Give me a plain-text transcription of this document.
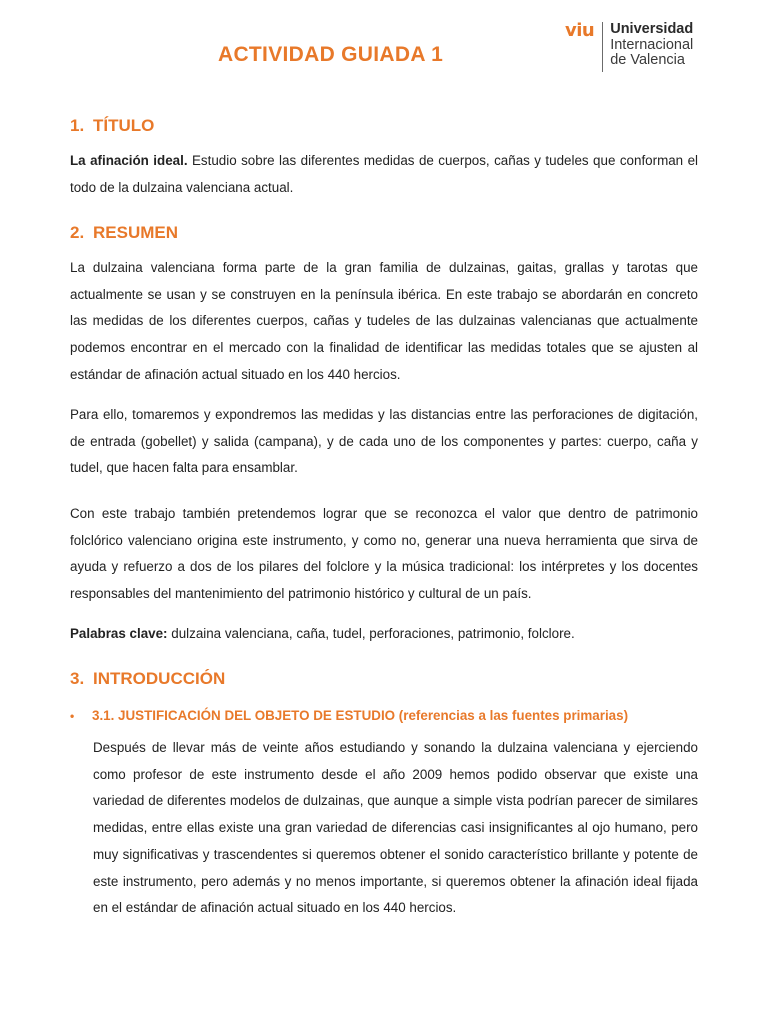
ACTIVIDAD GUIADA 1
viu Universidad
Internacional
de Valencia
1. TÍTULO
La afinación ideal. Estudio sobre las diferentes medidas de cuerpos, cañas y tudeles que conforman el todo de la dulzaina valenciana actual.
2. RESUMEN
La dulzaina valenciana forma parte de la gran familia de dulzainas, gaitas, grallas y tarotas que actualmente se usan y se construyen en la península ibérica. En este trabajo se abordarán en concreto las medidas de los diferentes cuerpos, cañas y tudeles de las dulzainas valencianas que actualmente podemos encontrar en el mercado con la finalidad de identificar las medidas totales que se ajusten al estándar de afinación actual situado en los 440 hercios.
Para ello, tomaremos y expondremos las medidas y las distancias entre las perforaciones de digitación, de entrada (gobellet) y salida (campana), y de cada uno de los componentes y partes: cuerpo, caña y tudel, que hacen falta para ensamblar.
Con este trabajo también pretendemos lograr que se reconozca el valor que dentro de patrimonio folclórico valenciano origina este instrumento, y como no, generar una nueva herramienta que sirva de ayuda y refuerzo a dos de los pilares del folclore y la música tradicional: los intérpretes y los docentes responsables del mantenimiento del patrimonio histórico y cultural de un país.
Palabras clave: dulzaina valenciana, caña, tudel, perforaciones, patrimonio, folclore.
3. INTRODUCCIÓN
• 3.1. JUSTIFICACIÓN DEL OBJETO DE ESTUDIO (referencias a las fuentes primarias)
Después de llevar más de veinte años estudiando y sonando la dulzaina valenciana y ejerciendo como profesor de este instrumento desde el año 2009 hemos podido observar que existe una variedad de diferentes modelos de dulzainas, que aunque a simple vista podrían parecer de similares medidas, entre ellas existe una gran variedad de diferencias casi insignificantes al ojo humano, pero muy significativas y trascendentes si queremos obtener el sonido característico brillante y potente de este instrumento, pero además y no menos importante, si queremos obtener la afinación ideal fijada en el estándar de afinación actual situado en los 440 hercios.
